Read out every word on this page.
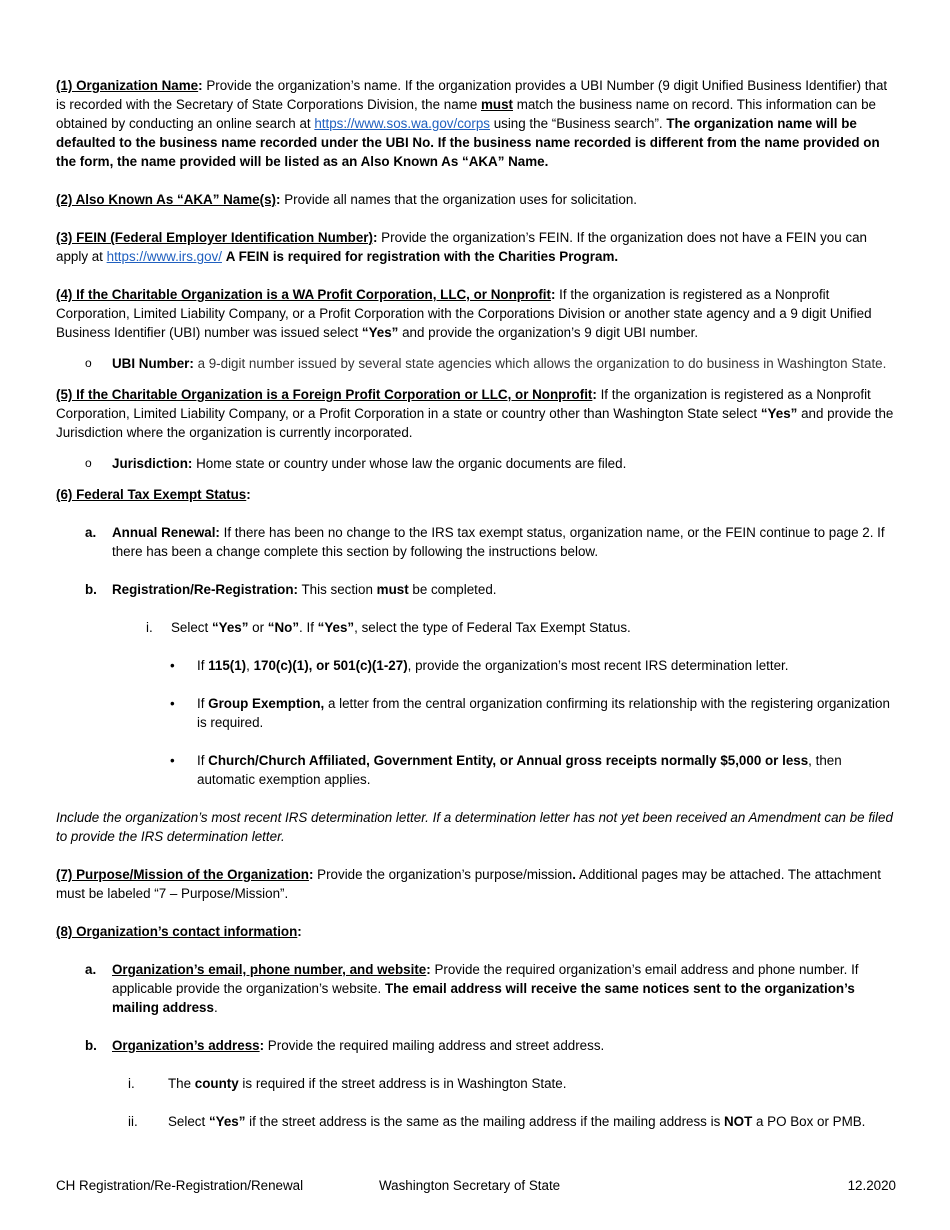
(1) Organization Name: Provide the organization’s name. If the organization provides a UBI Number (9 digit Unified Business Identifier) that is recorded with the Secretary of State Corporations Division, the name must match the business name on record. This information can be obtained by conducting an online search at https://www.sos.wa.gov/corps using the “Business search”. The organization name will be defaulted to the business name recorded under the UBI No. If the business name recorded is different from the name provided on the form, the name provided will be listed as an Also Known As “AKA” Name.

(2) Also Known As “AKA” Name(s): Provide all names that the organization uses for solicitation.

(3) FEIN (Federal Employer Identification Number): Provide the organization’s FEIN. If the organization does not have a FEIN you can apply at https://www.irs.gov/ A FEIN is required for registration with the Charities Program.

(4) If the Charitable Organization is a WA Profit Corporation, LLC, or Nonprofit: If the organization is registered as a Nonprofit Corporation, Limited Liability Company, or a Profit Corporation with the Corporations Division or another state agency and a 9 digit Unified Business Identifier (UBI) number was issued select “Yes” and provide the organization’s 9 digit UBI number.

o UBI Number: a 9-digit number issued by several state agencies which allows the organization to do business in Washington State.

(5) If the Charitable Organization is a Foreign Profit Corporation or LLC, or Nonprofit: If the organization is registered as a Nonprofit Corporation, Limited Liability Company, or a Profit Corporation in a state or country other than Washington State select “Yes” and provide the Jurisdiction where the organization is currently incorporated.

o Jurisdiction: Home state or country under whose law the organic documents are filed.

(6) Federal Tax Exempt Status:

a. Annual Renewal: If there has been no change to the IRS tax exempt status, organization name, or the FEIN continue to page 2. If there has been a change complete this section by following the instructions below.
b. Registration/Re-Registration: This section must be completed.
i. Select “Yes” or “No”. If “Yes”, select the type of Federal Tax Exempt Status.
• If 115(1), 170(c)(1), or 501(c)(1-27), provide the organization’s most recent IRS determination letter.
• If Group Exemption, a letter from the central organization confirming its relationship with the registering organization is required.
• If Church/Church Affiliated, Government Entity, or Annual gross receipts normally $5,000 or less, then automatic exemption applies.

Include the organization’s most recent IRS determination letter. If a determination letter has not yet been received an Amendment can be filed to provide the IRS determination letter.

(7) Purpose/Mission of the Organization: Provide the organization’s purpose/mission. Additional pages may be attached. The attachment must be labeled “7 – Purpose/Mission”.

(8) Organization’s contact information:

a. Organization’s email, phone number, and website: Provide the required organization’s email address and phone number. If applicable provide the organization’s website. The email address will receive the same notices sent to the organization’s mailing address.
b. Organization’s address: Provide the required mailing address and street address.
i. The county is required if the street address is in Washington State.
ii. Select “Yes” if the street address is the same as the mailing address if the mailing address is NOT a PO Box or PMB.
CH Registration/Re-Registration/Renewal	Washington Secretary of State	12.2020
